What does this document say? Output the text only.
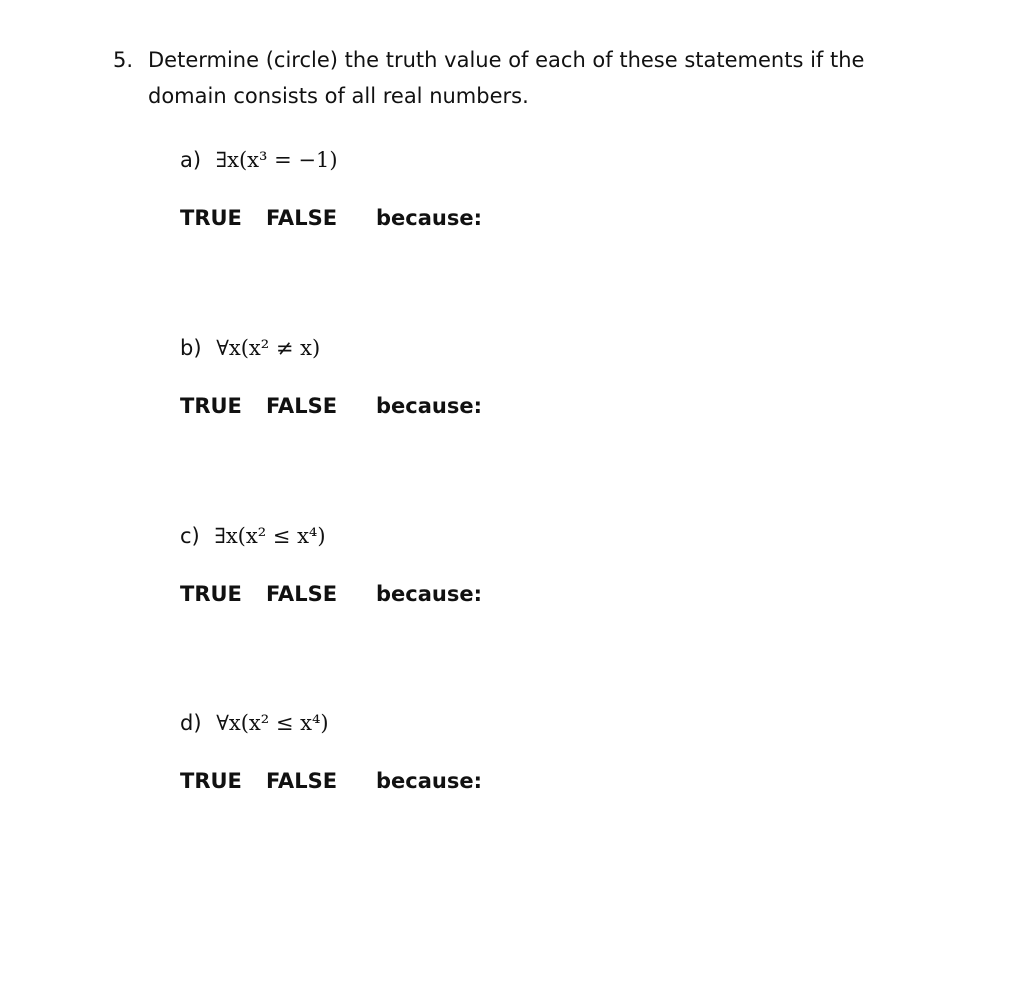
5. Determine (circle) the truth value of each of these statements if the domain consists of all real numbers.
a) ∃x(x³ = −1)
TRUE FALSE because:
b) ∀x(x² ≠ x)
TRUE FALSE because:
c) ∃x(x² ≤ x⁴)
TRUE FALSE because:
d) ∀x(x² ≤ x⁴)
TRUE FALSE because:
